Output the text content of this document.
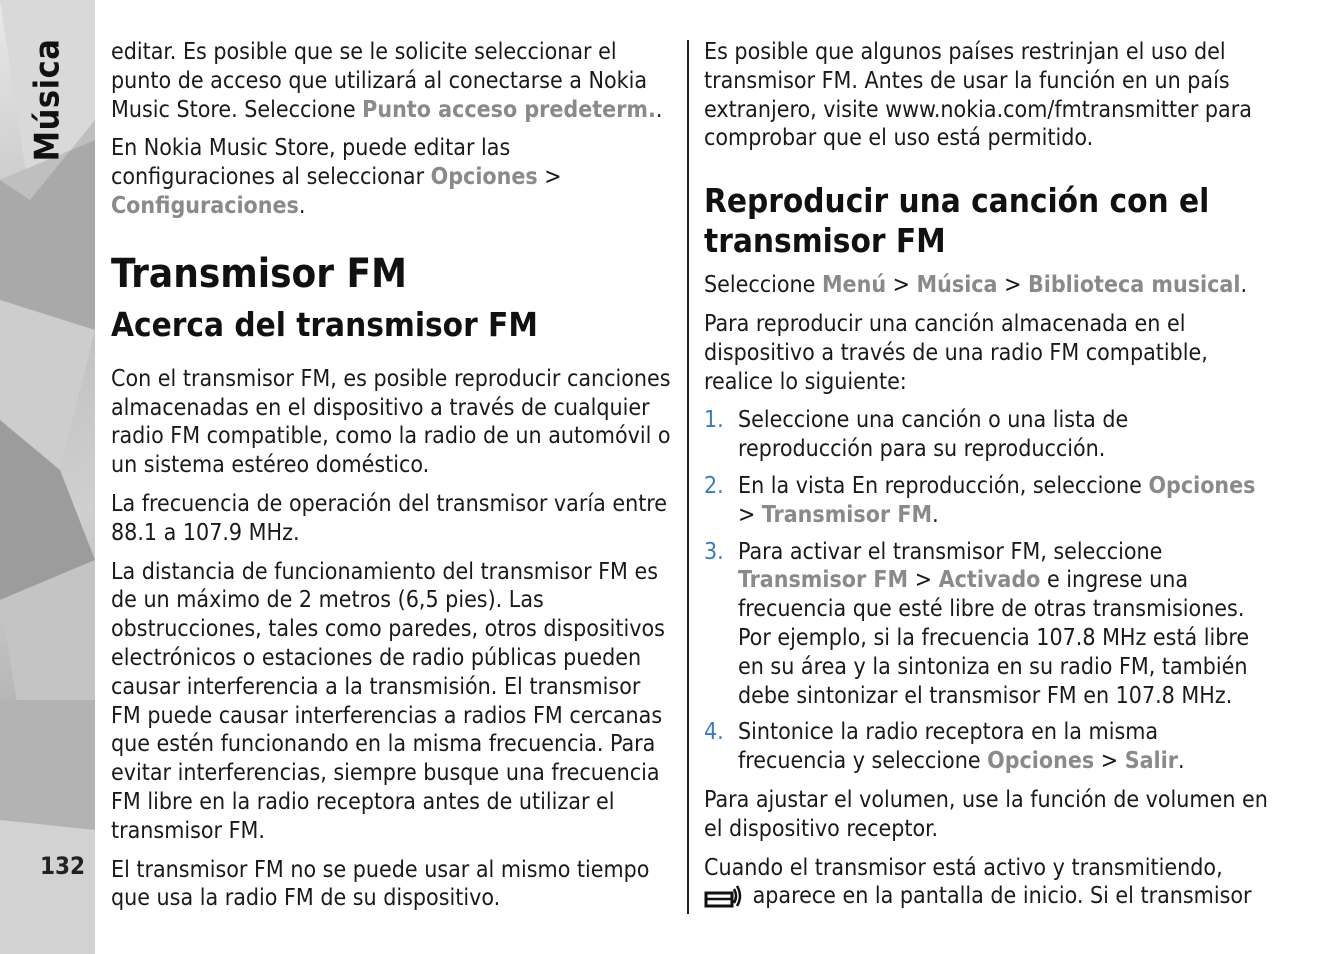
Música
132

editar. Es posible que se le solicite seleccionar el punto de acceso que utilizará al conectarse a Nokia Music Store. Seleccione Punto acceso predeterm..

En Nokia Music Store, puede editar las configuraciones al seleccionar Opciones > Configuraciones.

Transmisor FM
Acerca del transmisor FM

Con el transmisor FM, es posible reproducir canciones almacenadas en el dispositivo a través de cualquier radio FM compatible, como la radio de un automóvil o un sistema estéreo doméstico.

La frecuencia de operación del transmisor varía entre 88.1 a 107.9 MHz.

La distancia de funcionamiento del transmisor FM es de un máximo de 2 metros (6,5 pies). Las obstrucciones, tales como paredes, otros dispositivos electrónicos o estaciones de radio públicas pueden causar interferencia a la transmisión. El transmisor FM puede causar interferencias a radios FM cercanas que estén funcionando en la misma frecuencia. Para evitar interferencias, siempre busque una frecuencia FM libre en la radio receptora antes de utilizar el transmisor FM.

El transmisor FM no se puede usar al mismo tiempo que usa la radio FM de su dispositivo.

Es posible que algunos países restrinjan el uso del transmisor FM. Antes de usar la función en un país extranjero, visite www.nokia.com/fmtransmitter para comprobar que el uso está permitido.

Reproducir una canción con el transmisor FM

Seleccione Menú > Música > Biblioteca musical.

Para reproducir una canción almacenada en el dispositivo a través de una radio FM compatible, realice lo siguiente:

1. Seleccione una canción o una lista de reproducción para su reproducción.
2. En la vista En reproducción, seleccione Opciones > Transmisor FM.
3. Para activar el transmisor FM, seleccione Transmisor FM > Activado e ingrese una frecuencia que esté libre de otras transmisiones. Por ejemplo, si la frecuencia 107.8 MHz está libre en su área y la sintoniza en su radio FM, también debe sintonizar el transmisor FM en 107.8 MHz.
4. Sintonice la radio receptora en la misma frecuencia y seleccione Opciones > Salir.

Para ajustar el volumen, use la función de volumen en el dispositivo receptor.

Cuando el transmisor está activo y transmitiendo,  aparece en la pantalla de inicio. Si el transmisor
